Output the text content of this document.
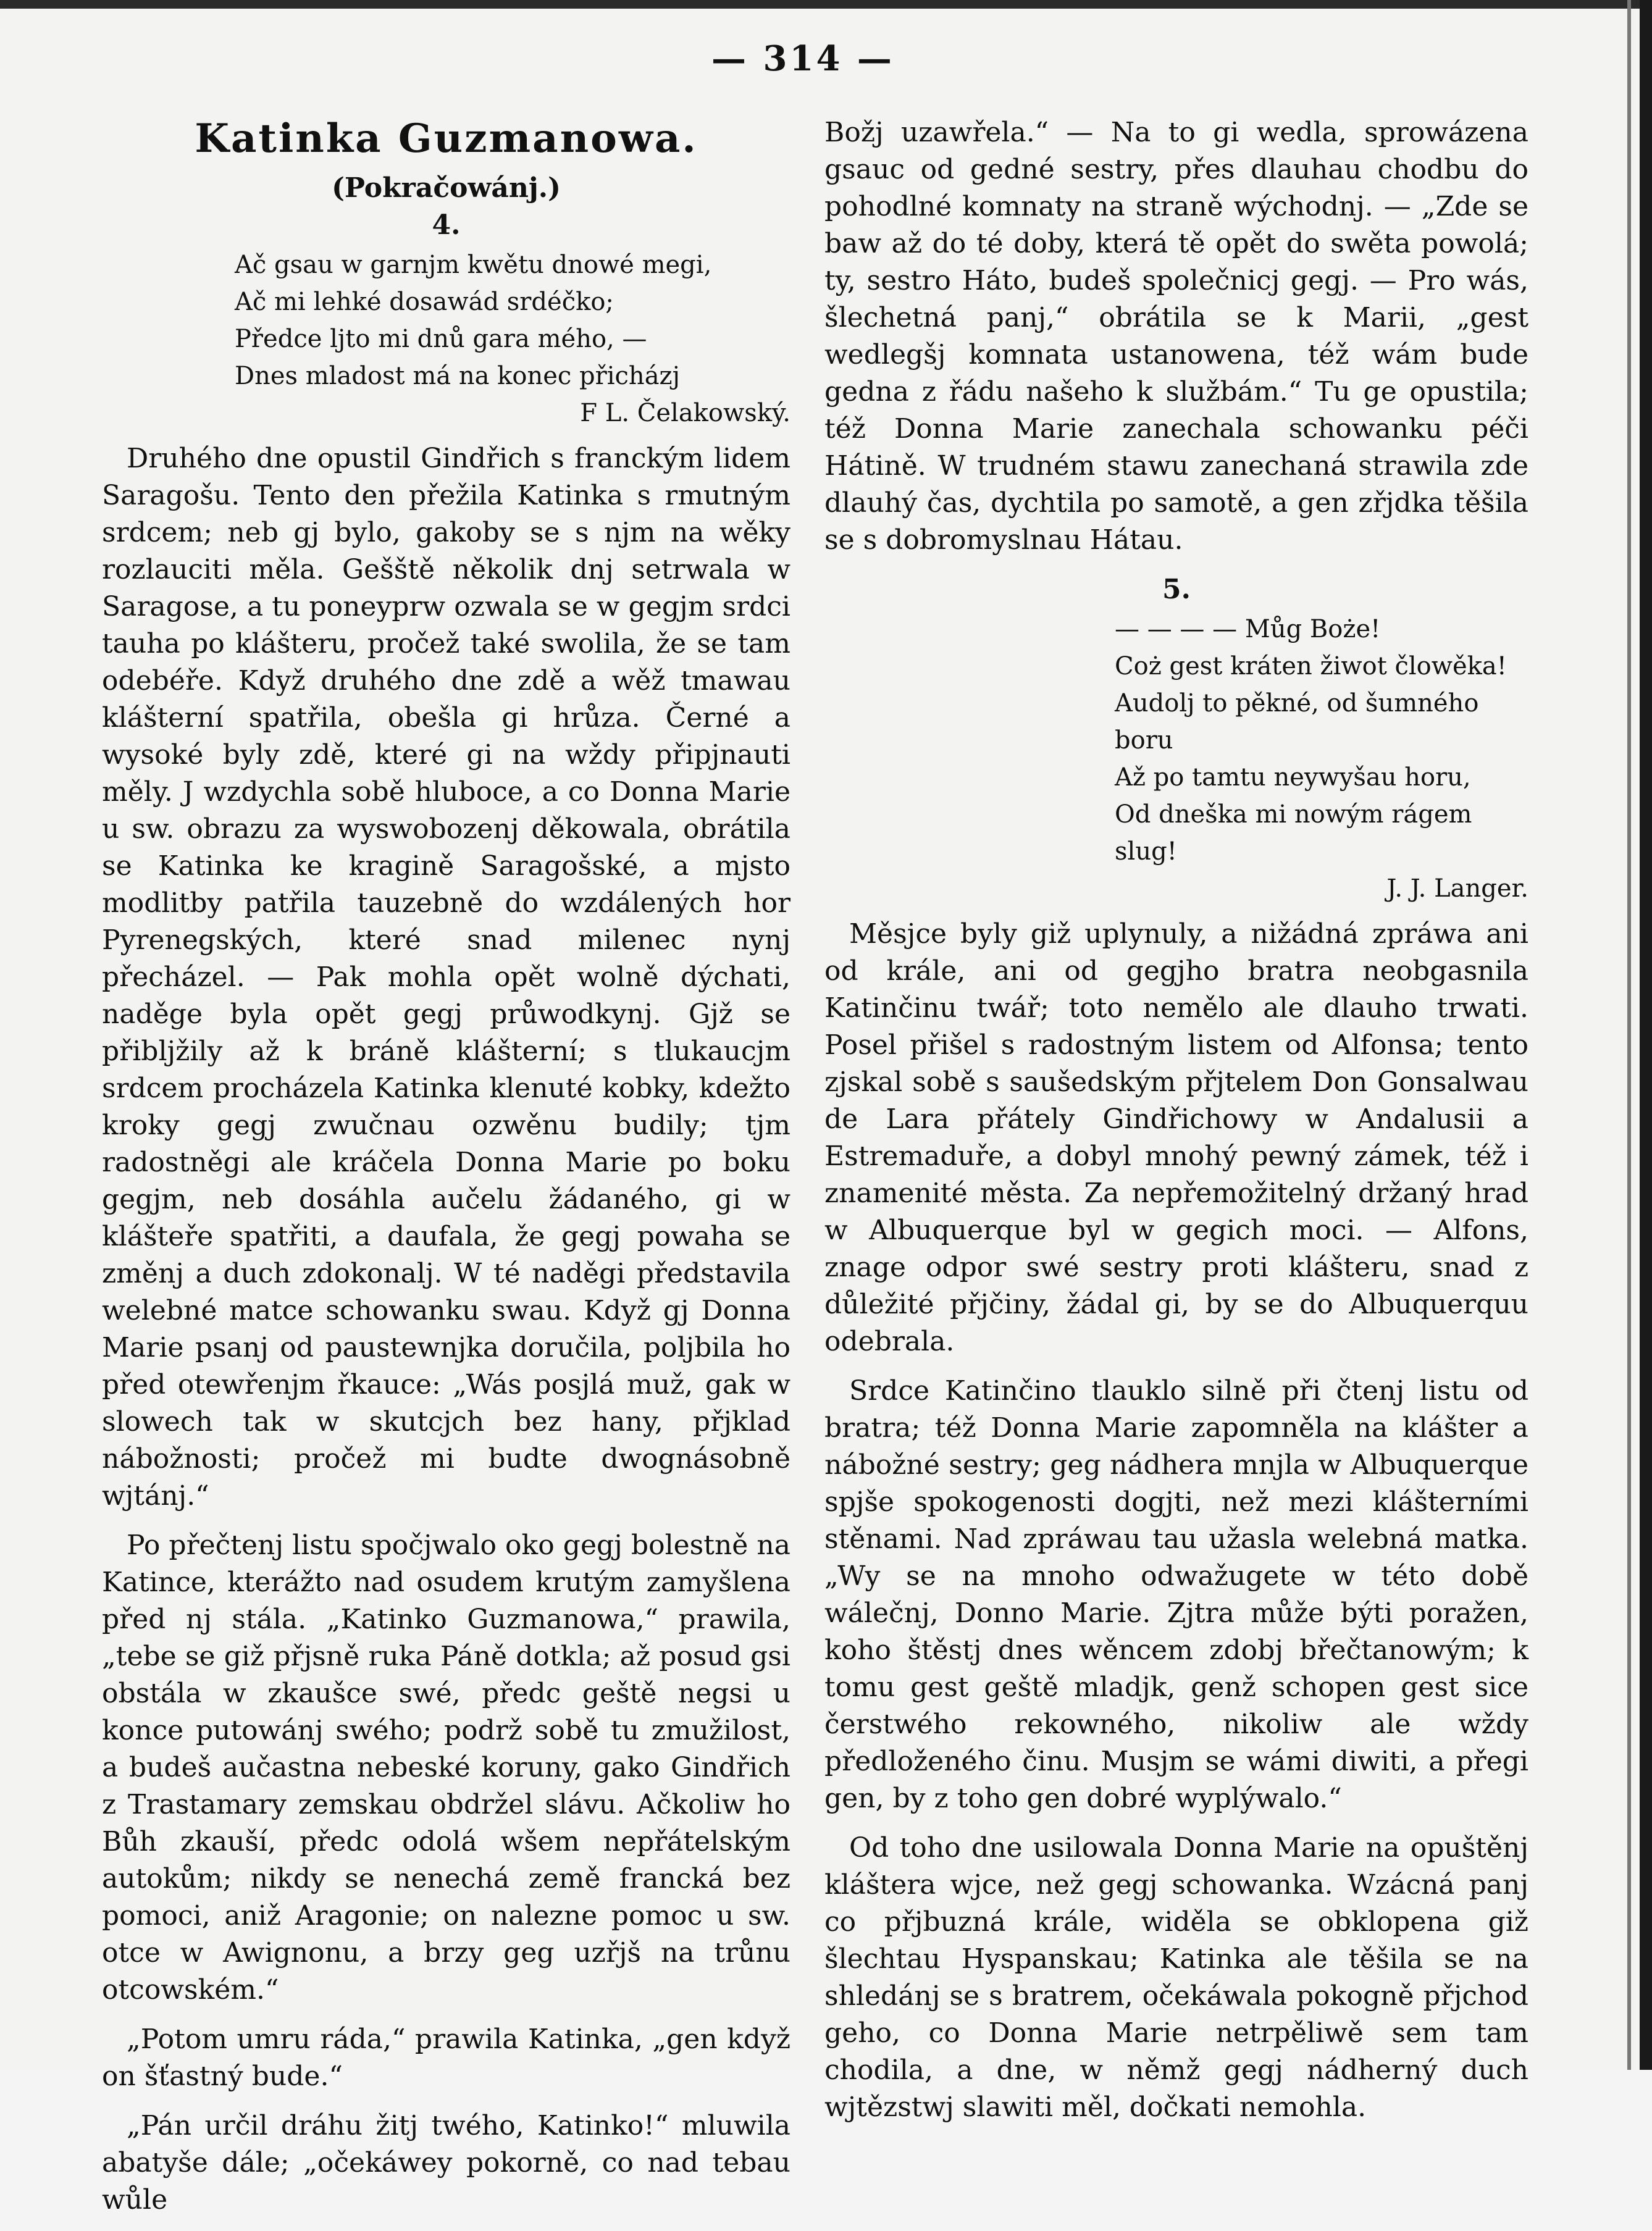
— 314 —
Katinka Guzmanowa.
(Pokračowánj.)
4.
Ač gsau w garnjm kwětu dnowé megi,
Ač mi lehké dosawád srdéčko;
Předce ljto mi dnů gara mého, —
Dnes mladost má na konec přicházj
F L. Čelakowský.

Druhého dne opustil Gindřich s franckým lidem Saragošu. Tento den přežila Katinka s rmutným srdcem; neb gj bylo, gakoby se s njm na wěky rozlauciti měla. Gešště několik dnj setrwala w Saragose, a tu poneyprw ozwala se w gegjm srdci tauha po klášteru, pročež také swolila, že se tam odebéře. Když druhého dne zdě a wěž tmawau klášterní spatřila, obešla gi hrůza. Černé a wysoké byly zdě, které gi na wždy připjnauti měly. J wzdychla sobě hluboce, a co Donna Marie u sw. obrazu za wyswobozenj děkowala, obrátila se Katinka ke kragině Saragošské, a mjsto modlitby patřila tauzebně do wzdálených hor Pyrenegských, které snad milenec nynj přecházel. — Pak mohla opět wolně dýchati, naděge byla opět gegj průwodkynj. Gjž se přibljžily až k bráně klášterní; s tlukaucjm srdcem procházela Katinka klenuté kobky, kdežto kroky gegj zwučnau ozwěnu budily; tjm radostněgi ale kráčela Donna Marie po boku gegjm, neb dosáhla aučelu žádaného, gi w klášteře spatřiti, a daufala, že gegj powaha se změnj a duch zdokonalj. W té naděgi představila welebné matce schowanku swau. Když gj Donna Marie psanj od paustewnjka doručila, poljbila ho před otewřenjm řkauce: „Wás posjlá muž, gak w slowech tak w skutcjch bez hany, přjklad nábožnosti; pročež mi budte dwognásobně wjtánj.“

Po přečtenj listu spočjwalo oko gegj bolestně na Katince, kterážto nad osudem krutým zamyšlena před nj stála. „Katinko Guzmanowa,“ prawila, „tebe se giž přjsně ruka Páně dotkla; až posud gsi obstála w zkaušce swé, předc geště negsi u konce putowánj swého; podrž sobě tu zmužilost, a budeš aučastna nebeské koruny, gako Gindřich z Trastamary zemskau obdržel slávu. Ačkoliw ho Bůh zkauší, předc odolá wšem nepřátelským autokům; nikdy se nenechá země francká bez pomoci, aniž Aragonie; on nalezne pomoc u sw. otce w Awignonu, a brzy geg uzřjš na trůnu otcowském.“

„Potom umru ráda,“ prawila Katinka, „gen když on šťastný bude.“

„Pán určil dráhu žitj twého, Katinko!“ mluwila abatyše dále; „očekáwey pokorně, co nad tebau wůle

Božj uzawřela.“ — Na to gi wedla, sprowázena gsauc od gedné sestry, přes dlauhau chodbu do pohodlné komnaty na straně wýchodnj. — „Zde se baw až do té doby, která tě opět do swěta powolá; ty, sestro Háto, budeš společnicj gegj. — Pro wás, šlechetná panj,“ obrátila se k Marii, „gest wedlegšj komnata ustanowena, též wám bude gedna z řádu našeho k službám.“ Tu ge opustila; též Donna Marie zanechala schowanku péči Hátině. W trudném stawu zanechaná strawila zde dlauhý čas, dychtila po samotě, a gen zřjdka těšila se s dobromyslnau Hátau.

5.
— — — — Můg Boże!
Coż gest kráten žiwot člowěka!
Audolj to pěkné, od šumného boru
Až po tamtu neywyšau horu,
Od dneška mi nowým rágem slug!
J. J. Langer.

Měsjce byly giž uplynuly, a nižádná zpráwa ani od krále, ani od gegjho bratra neobgasnila Katinčinu twář; toto nemělo ale dlauho trwati. Posel přišel s radostným listem od Alfonsa; tento zjskal sobě s saušedským přjtelem Don Gonsalwau de Lara přátely Gindřichowy w Andalusii a Estremaduře, a dobyl mnohý pewný zámek, též i znamenité města. Za nepřemožitelný držaný hrad w Albuquerque byl w gegich moci. — Alfons, znage odpor swé sestry proti klášteru, snad z důležité přjčiny, žádal gi, by se do Albuquerquu odebrala.

Srdce Katinčino tlauklo silně při čtenj listu od bratra; též Donna Marie zapomněla na klášter a nábožné sestry; geg nádhera mnjla w Albuquerque spjše spokogenosti dogjti, než mezi klášterními stěnami. Nad zpráwau tau užasla welebná matka. „Wy se na mnoho odwažugete w této době wálečnj, Donno Marie. Zjtra může býti poražen, koho štěstj dnes wěncem zdobj břečtanowým; k tomu gest geště mladjk, genž schopen gest sice čerstwého rekowného, nikoliw ale wždy předloženého činu. Musjm se wámi diwiti, a přegi gen, by z toho gen dobré wyplýwalo.“

Od toho dne usilowala Donna Marie na opuštěnj kláštera wjce, než gegj schowanka. Wzácná panj co přjbuzná krále, widěla se obklopena giž šlechtau Hyspanskau; Katinka ale těšila se na shledánj se s bratrem, očekáwala pokogně přjchod geho, co Donna Marie netrpěliwě sem tam chodila, a dne, w němž gegj nádherný duch wjtězstwj slawiti měl, dočkati nemohla.
